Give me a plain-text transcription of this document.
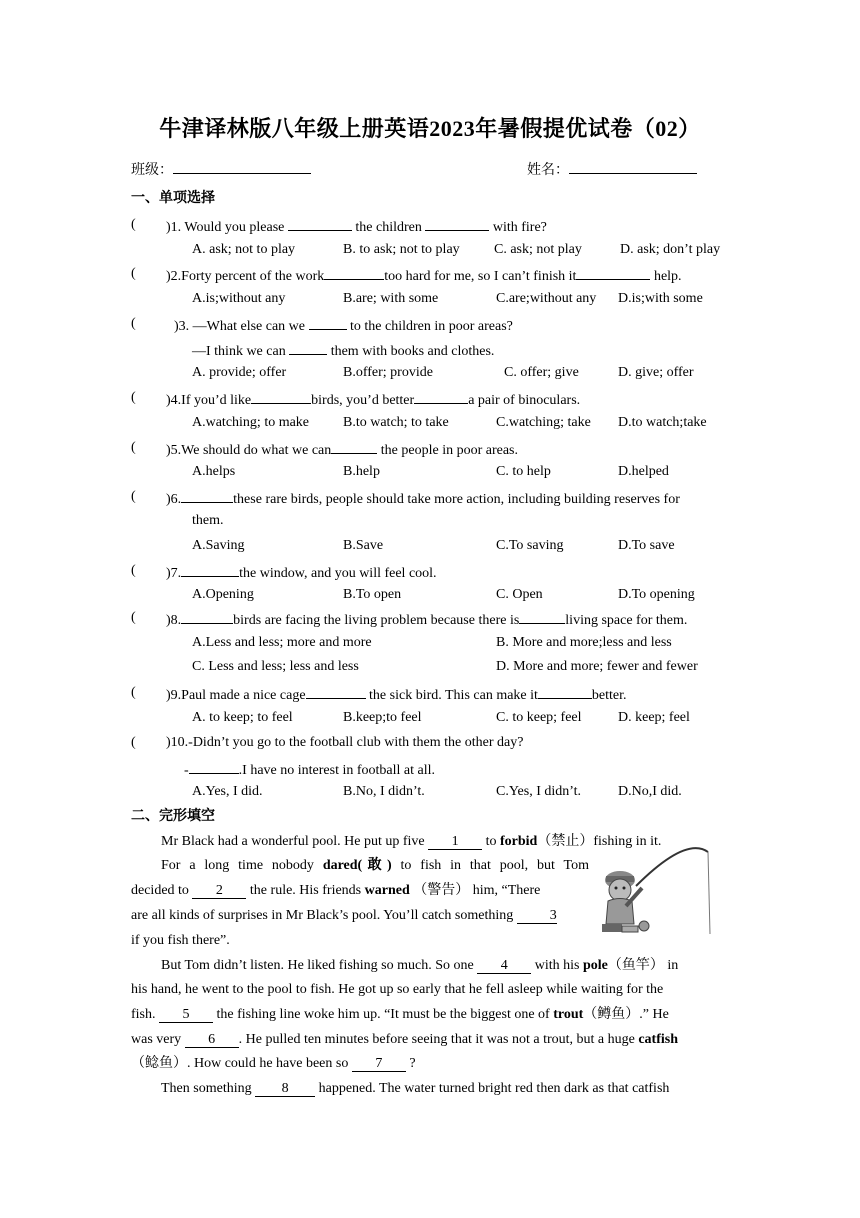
牛津译林版八年级上册英语2023年暑假提优试卷（02）
班级：	姓名：
一、单项选择
( )1. Would you please	the children	with fire?
A. ask; not to play	B. to ask; not to play C. ask; not play	D. ask; don’t play
( )2.Forty percent of the work	too hard for me, so I can’t finish it	help.
A.is;without any	B.are; with some	C.are;without any D.is;with some
(	)3. —What else can we	to the children in poor areas?
—I think we can	them with books and clothes.
A. provide; offer	B.offer; provide	C. offer; give	D. give; offer
( )4.If you’d like	birds, you’d better	a pair of binoculars.
A.watching; to make B.to watch; to take	C.watching; take D.to watch;take
( )5.We should do what we can	the people in poor areas.
A.helps	B.help	C. to help	D.helped
( )6.	these rare birds, people should take more action, including building reserves for
them.
A.Saving	B.Save	C.To saving	D.To save
( )7.	the window, and you will feel cool.
A.Opening	B.To open	C. Open	D.To opening
( )8.	birds are facing the living problem because there is	living space for them.
A.Less and less; more and more	B. More and more;less and less
C. Less and less; less and less	D. More and more; fewer and fewer
( )9.Paul made a nice cage	the sick bird. This can make it	better.
A. to keep; to feel	B.keep;to feel	C. to keep; feel	D. keep; feel
( )10.-Didn’t you go to the football club with them the other day?
-	.I have no interest in football at all.
A.Yes, I did.	B.No, I didn’t.	C.Yes, I didn’t.	D.No,I did.
二、完形填空
Mr Black had a wonderful pool. He put up five 1 to forbid（禁止）fishing in it.
For a long time nobody dared(敢) to fish in that pool, but Tom
decided to 2 the rule. His friends warned （警告） him, “There
are all kinds of surprises in Mr Black’s pool. You’ll catch something	3
if you fish there”.
But Tom didn’t listen. He liked fishing so much. So one 4 with his pole（鱼竿） in
his hand, he went to the pool to fish. He got up so early that he fell asleep while waiting for the
fish. 5 the fishing line woke him up. “It must be the biggest one of trout（鳟鱼）.” He
was very 6 . He pulled ten minutes before seeing that it was not a trout, but a huge catfish
（鲶鱼）. How could he have been so 7 ?
Then something 8 happened. The water turned bright red then dark as that catfish
